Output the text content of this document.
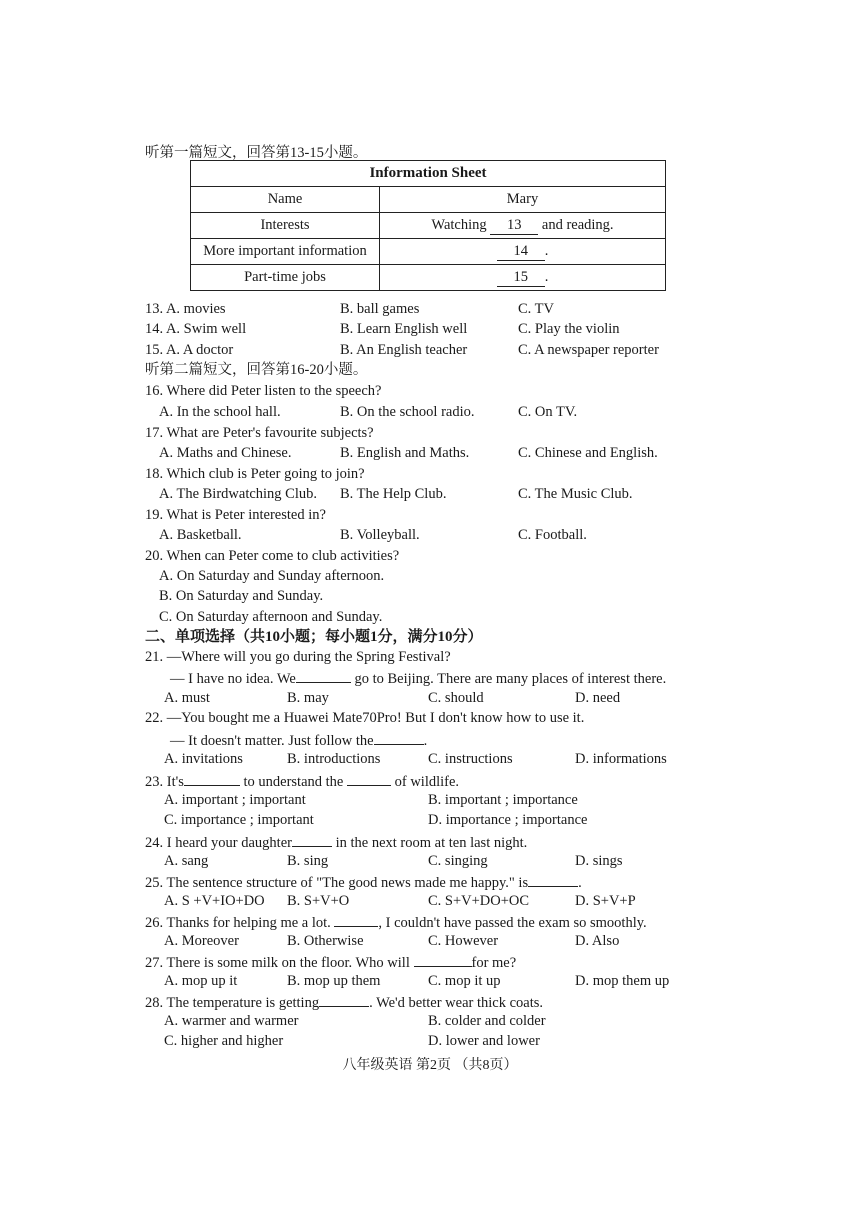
听第一篇短文，回答第13-15小题。
Information Sheet	
Name	Mary
Interests	Watching 13 and reading.
More important information	14 .
Part-time jobs	15 .
13. A. movies	B. ball games	C. TV
14. A. Swim well	B. Learn English well	C. Play the violin
15. A. A doctor	B. An English teacher	C. A newspaper reporter
听第二篇短文，回答第16-20小题。
16. Where did Peter listen to the speech?
A. In the school hall.	B. On the school radio.	C. On TV.
17. What are Peter's favourite subjects?
A. Maths and Chinese.	B. English and Maths.	C. Chinese and English.
18. Which club is Peter going to join?
A. The Birdwatching Club. B. The Help Club.	C. The Music Club.
19. What is Peter interested in?
A. Basketball.	B. Volleyball.	C. Football.
20. When can Peter come to club activities?
A. On Saturday and Sunday afternoon.
B. On Saturday and Sunday.
C. On Saturday afternoon and Sunday.
二、单项选择（共10小题；每小题1分，满分10分）
21. —Where will you go during the Spring Festival?
— I have no idea. We	go to Beijing. There are many places of interest there.
A. must	B. may	C. should	D. need
22. —You bought me a Huawei Mate70Pro! But I don't know how to use it.
— It doesn't matter. Just follow the	.
A. invitations	B. introductions	C. instructions	D. informations
23. It's	to understand the	of wildlife.
A. important ; important	B. important ; importance
C. importance ; important	D. importance ; importance
24. I heard your daughter	in the next room at ten last night.
A. sang	B. sing	C. singing	D. sings
25. The sentence structure of "The good news made me happy." is	.
A. S +V+IO+DO B. S+V+O	C. S+V+DO+OC	D. S+V+P
26. Thanks for helping me a lot.	, I couldn't have passed the exam so smoothly.
A. Moreover	B. Otherwise	C. However	D. Also
27. There is some milk on the floor. Who will	for me?
A. mop up it	B. mop up them	C. mop it up	D. mop them up
28. The temperature is getting	. We'd better wear thick coats.
A. warmer and warmer	B. colder and colder
C. higher and higher	D. lower and lower
八年级英语 第2页 （共8页）
